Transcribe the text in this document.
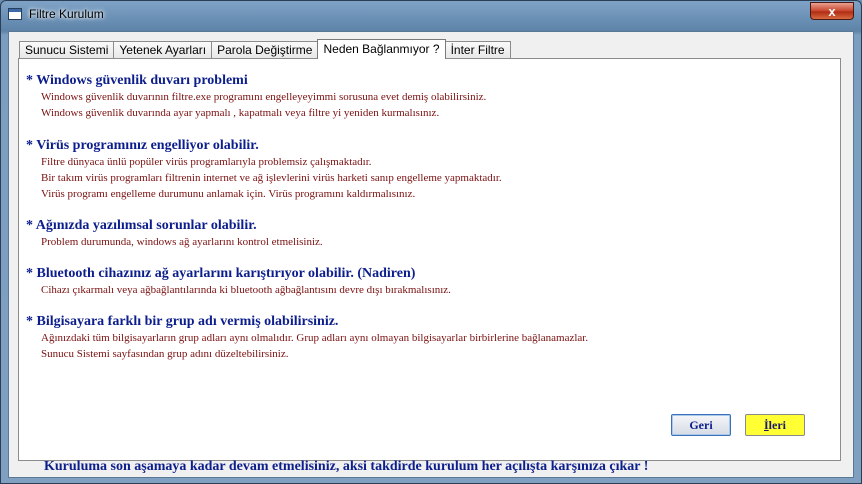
Filtre Kurulum	x
Sunucu Sistemi Yetenek Ayarları Parola Değiştirme Neden Bağlanmıyor ? İnter Filtre
* Windows güvenlik duvarı problemi
Windows güvenlik duvarının filtre.exe programını engelleyeyimmi sorusuna evet demiş olabilirsiniz.
Windows güvenlik duvarında ayar yapmalı , kapatmalı veya filtre yi yeniden kurmalısınız.
* Virüs programınız engelliyor olabilir.
Filtre dünyaca ünlü popüler virüs programlarıyla problemsiz çalışmaktadır.
Bir takım virüs programları filtrenin internet ve ağ işlevlerini virüs harketi sanıp engelleme yapmaktadır.
Virüs programı engelleme durumunu anlamak için. Virüs programını kaldırmalısınız.
* Ağınızda yazılımsal sorunlar olabilir.
Problem durumunda, windows ağ ayarlarını kontrol etmelisiniz.
* Bluetooth cihazınız ağ ayarlarını karıştırıyor olabilir. (Nadiren)
Cihazı çıkarmalı veya ağbağlantılarında ki bluetooth ağbağlantısını devre dışı bırakmalısınız.
* Bilgisayara farklı bir grup adı vermiş olabilirsiniz.
Ağınızdaki tüm bilgisayarların grup adları aynı olmalıdır. Grup adları aynı olmayan bilgisayarlar birbirlerine bağlanamazlar.
Sunucu Sistemi sayfasından grup adını düzeltebilirsiniz.
Geri	İleri
Kuruluma son aşamaya kadar devam etmelisiniz, aksi takdirde kurulum her açılışta karşınıza çıkar !
